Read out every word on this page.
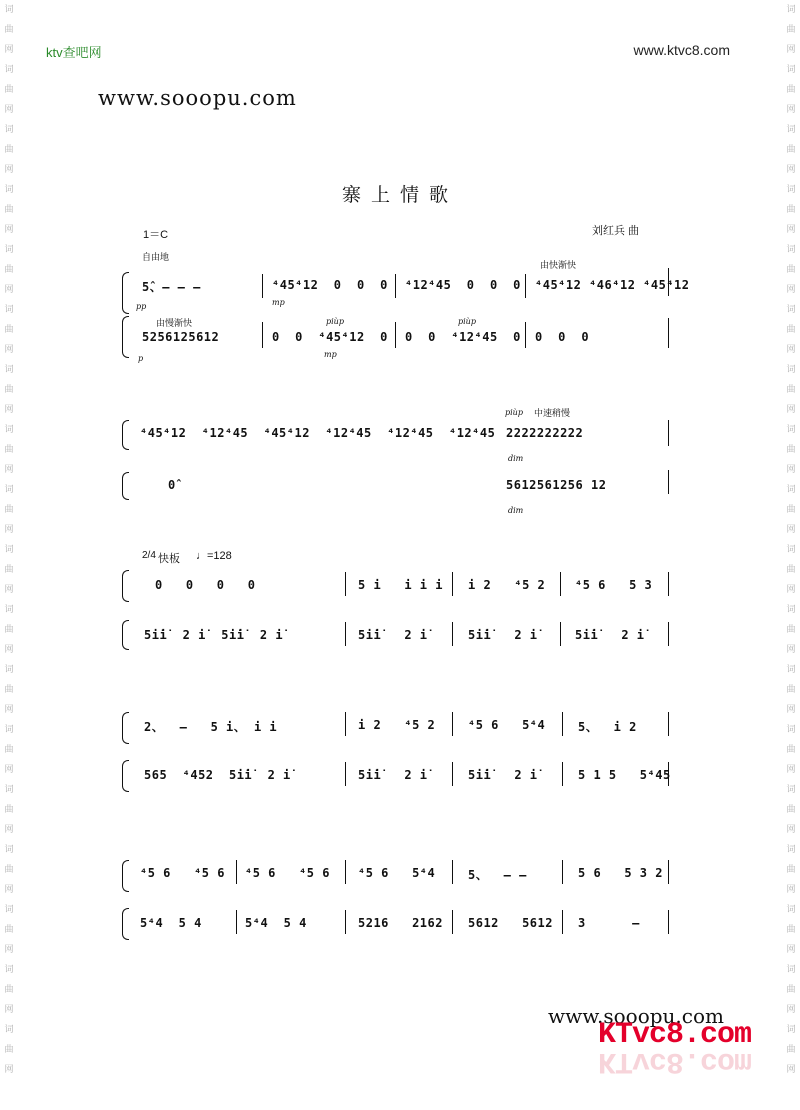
词
曲
网
词
曲
网
词
曲
网
词
曲
网
词
曲
网
词
曲
网
词
曲
网
词
曲
网
词
曲
网
词
曲
网
词
曲
网
词
曲
网
词
曲
网
词
曲
网
词
曲
网
词
曲
网
词
曲
网
词
曲
网
词
曲
网
词
曲
网
词
曲
网
词
曲
网
词
曲
网
词
曲
网
词
曲
网
词
曲
网
词
曲
网
词
曲
网
词
曲
网
词
曲
网
词
曲
网
词
曲
网
词
曲
网
词
曲
网
词
曲
网
词
曲
网
ktv查吧网	www.ktvc8.com
www.sooopu.com
寨上情歌
1＝C	刘红兵 曲
自由地
由快渐快
由慢渐快
5̂、— — —	⁴45⁴12  0  0  0 ⁴12⁴45  0  0  0 ⁴45⁴12 ⁴46⁴12 ⁴45⁴12
5256125612	0  0  ⁴45⁴12  0 0  0  ⁴12⁴45  0 0  0  0
pp	mp
piùp
mp
piùp
p
中速稍慢
piùp
⁴45⁴12  ⁴12⁴45  ⁴45⁴12  ⁴12⁴45  ⁴12⁴45  ⁴12⁴45 2222222222
dim
0̂	5612561256 12
dim
2/4 快板 ♩=128
0   0   0   0	5 i   i i i i 2   ⁴5 2 ⁴5 6   5 3
5i̇i̇  2 i̇  5i̇i̇  2 i̇	5i̇i̇   2 i̇	5i̇i̇   2 i̇	5i̇i̇   2 i̇
2、  —   5 i、 i i	i 2   ⁴5 2	⁴5 6   5⁴4	5、  i 2
565  ⁴452  5i̇i̇  2 i̇	5i̇i̇   2 i̇	5i̇i̇   2 i̇	5 1 5   5⁴45
⁴5 6   ⁴5 6 ⁴5 6   ⁴5 6 ⁴5 6   5⁴4	5、  — —	5 6   5 3 2
5⁴4  5 4	5⁴4  5 4	5216   2162 5612   5612 3      —
www.sooopu.com
KTvc8.com
KTvc8.com
